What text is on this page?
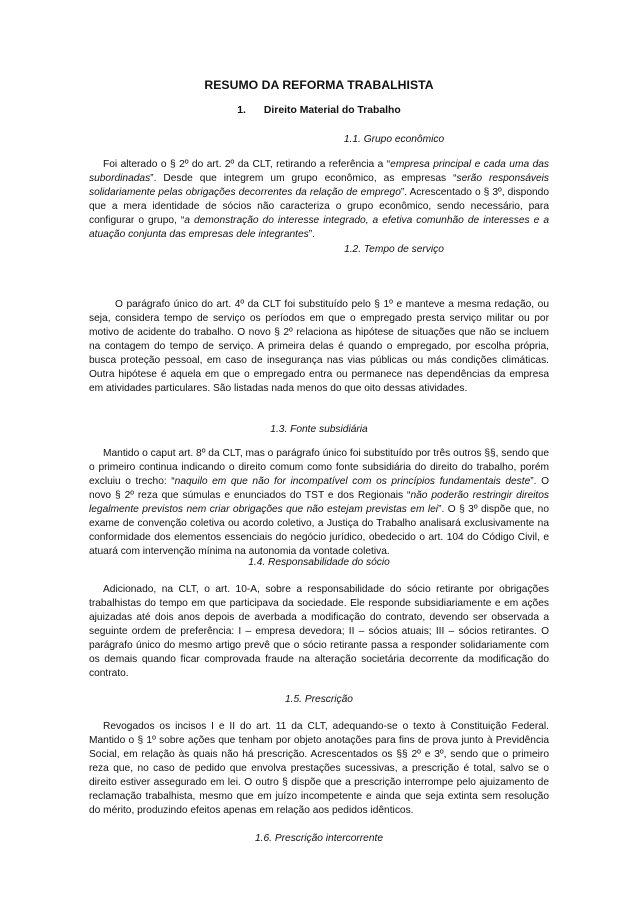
RESUMO DA REFORMA TRABALHISTA
1. Direito Material do Trabalho
1.1. Grupo econômico
Foi alterado o § 2º do art. 2º da CLT, retirando a referência a “empresa principal e cada uma das subordinadas”. Desde que integrem um grupo econômico, as empresas “serão responsáveis solidariamente pelas obrigações decorrentes da relação de emprego”. Acrescentado o § 3º, dispondo que a mera identidade de sócios não caracteriza o grupo econômico, sendo necessário, para configurar o grupo, “a demonstração do interesse integrado, a efetiva comunhão de interesses e a atuação conjunta das empresas dele integrantes”.
1.2. Tempo de serviço
O parágrafo único do art. 4º da CLT foi substituído pelo § 1º e manteve a mesma redação, ou seja, considera tempo de serviço os períodos em que o empregado presta serviço militar ou por motivo de acidente do trabalho. O novo § 2º relaciona as hipótese de situações que não se incluem na contagem do tempo de serviço. A primeira delas é quando o empregado, por escolha própria, busca proteção pessoal, em caso de insegurança nas vias públicas ou más condições climáticas. Outra hipótese é aquela em que o empregado entra ou permanece nas dependências da empresa em atividades particulares. São listadas nada menos do que oito dessas atividades.
1.3. Fonte subsidiária
Mantido o caput art. 8º da CLT, mas o parágrafo único foi substituído por três outros §§, sendo que o primeiro continua indicando o direito comum como fonte subsidiária do direito do trabalho, porém excluiu o trecho: “naquilo em que não for incompatível com os princípios fundamentais deste”. O novo § 2º reza que súmulas e enunciados do TST e dos Regionais “não poderão restringir direitos legalmente previstos nem criar obrigações que não estejam previstas em lei”. O § 3º dispõe que, no exame de convenção coletiva ou acordo coletivo, a Justiça do Trabalho analisará exclusivamente na conformidade dos elementos essenciais do negócio jurídico, obedecido o art. 104 do Código Civil, e atuará com intervenção mínima na autonomia da vontade coletiva.
1.4. Responsabilidade do sócio
Adicionado, na CLT, o art. 10-A, sobre a responsabilidade do sócio retirante por obrigações trabalhistas do tempo em que participava da sociedade. Ele responde subsidiariamente e em ações ajuizadas até dois anos depois de averbada a modificação do contrato, devendo ser observada a seguinte ordem de preferência: I – empresa devedora; II – sócios atuais; III – sócios retirantes. O parágrafo único do mesmo artigo prevê que o sócio retirante passa a responder solidariamente com os demais quando ficar comprovada fraude na alteração societária decorrente da modificação do contrato.
1.5. Prescrição
Revogados os incisos I e II do art. 11 da CLT, adequando-se o texto à Constituição Federal. Mantido o § 1º sobre ações que tenham por objeto anotações para fins de prova junto à Previdência Social, em relação às quais não há prescrição. Acrescentados os §§ 2º e 3º, sendo que o primeiro reza que, no caso de pedido que envolva prestações sucessivas, a prescrição é total, salvo se o direito estiver assegurado em lei. O outro § dispõe que a prescrição interrompe pelo ajuizamento de reclamação trabalhista, mesmo que em juízo incompetente e ainda que seja extinta sem resolução do mérito, produzindo efeitos apenas em relação aos pedidos idênticos.
1.6. Prescrição intercorrente
